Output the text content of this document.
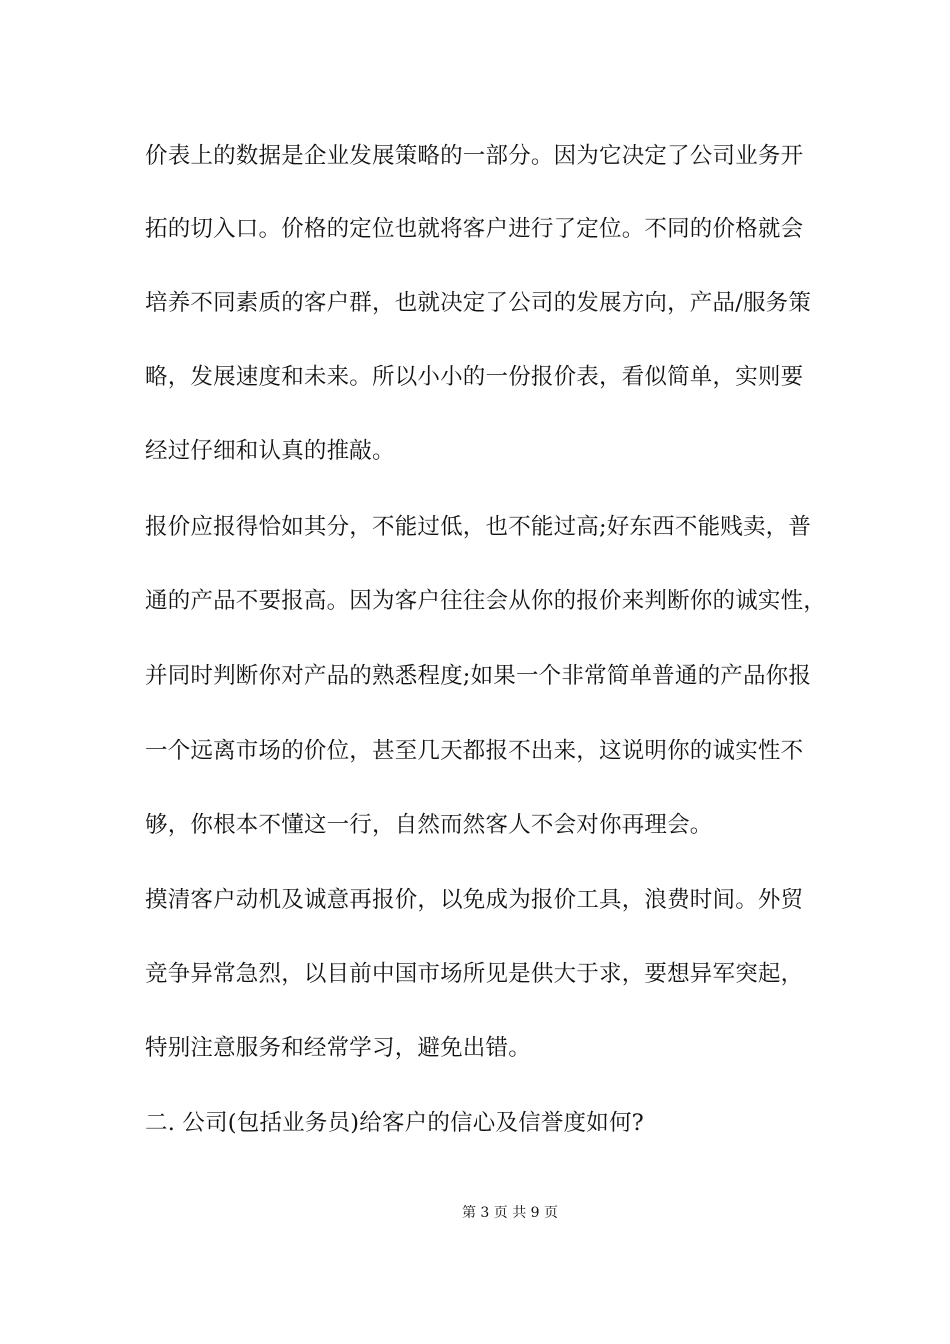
价表上的数据是企业发展策略的一部分。因为它决定了公司业务开
拓的切入口。价格的定位也就将客户进行了定位。不同的价格就会
培养不同素质的客户群，也就决定了公司的发展方向，产品/服务策
略，发展速度和未来。所以小小的一份报价表，看似简单，实则要
经过仔细和认真的推敲。
报价应报得恰如其分，不能过低，也不能过高;好东西不能贱卖，普
通的产品不要报高。因为客户往往会从你的报价来判断你的诚实性，
并同时判断你对产品的熟悉程度;如果一个非常简单普通的产品你报
一个远离市场的价位，甚至几天都报不出来，这说明你的诚实性不
够，你根本不懂这一行，自然而然客人不会对你再理会。
摸清客户动机及诚意再报价，以免成为报价工具，浪费时间。外贸
竞争异常急烈，以目前中国市场所见是供大于求，要想异军突起，
特别注意服务和经常学习，避免出错。
二. 公司(包括业务员)给客户的信心及信誉度如何?
第 3 页 共 9 页
